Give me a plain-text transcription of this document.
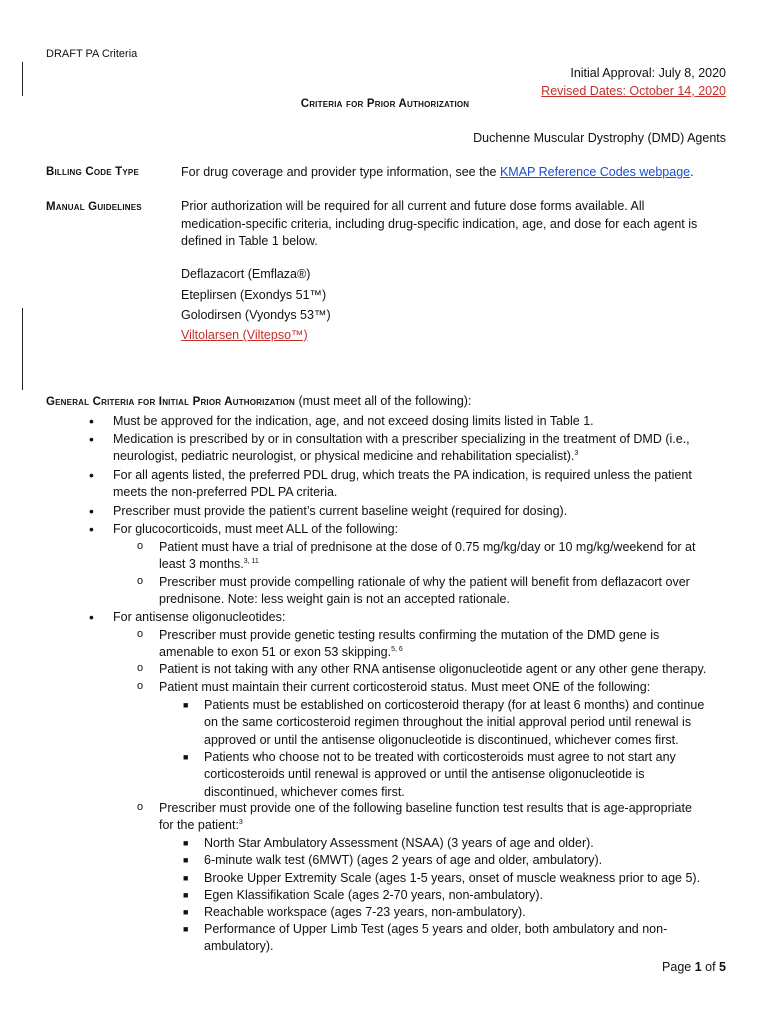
DRAFT PA Criteria
Initial Approval: July 8, 2020
Revised Dates: October 14, 2020
Criteria for Prior Authorization
Duchenne Muscular Dystrophy (DMD) Agents
Billing Code Type	For drug coverage and provider type information, see the KMAP Reference Codes webpage.
Manual Guidelines	Prior authorization will be required for all current and future dose forms available. All
medication-specific criteria, including drug-specific indication, age, and dose for each agent is
defined in Table 1 below.
Deflazacort (Emflaza®)
Eteplirsen (Exondys 51™)
Golodirsen (Vyondys 53™)
Viltolarsen (Viltepso™)
General Criteria for Initial Prior Authorization (must meet all of the following):
• Must be approved for the indication, age, and not exceed dosing limits listed in Table 1.
• Medication is prescribed by or in consultation with a prescriber specializing in the treatment of DMD (i.e.,
neurologist, pediatric neurologist, or physical medicine and rehabilitation specialist).$^3$
• For all agents listed, the preferred PDL drug, which treats the PA indication, is required unless the patient
meets the non-preferred PDL PA criteria.
• Prescriber must provide the patient’s current baseline weight (required for dosing).
• For glucocorticoids, must meet ALL of the following:
o Patient must have a trial of prednisone at the dose of 0.75 mg/kg/day or 10 mg/kg/weekend for at
least 3 months.$^{3, 11}$
o Prescriber must provide compelling rationale of why the patient will benefit from deflazacort over
prednisone. Note: less weight gain is not an accepted rationale.
• For antisense oligonucleotides:
o Prescriber must provide genetic testing results confirming the mutation of the DMD gene is
amenable to exon 51 or exon 53 skipping.$^{5, 6}$
o Patient is not taking with any other RNA antisense oligonucleotide agent or any other gene therapy.
o Patient must maintain their current corticosteroid status. Must meet ONE of the following:
■ Patients must be established on corticosteroid therapy (for at least 6 months) and continue
on the same corticosteroid regimen throughout the initial approval period until renewal is
approved or until the antisense oligonucleotide is discontinued, whichever comes first.
■ Patients who choose not to be treated with corticosteroids must agree to not start any
corticosteroids until renewal is approved or until the antisense oligonucleotide is
discontinued, whichever comes first.
o Prescriber must provide one of the following baseline function test results that is age-appropriate
for the patient:$^3$
■ North Star Ambulatory Assessment (NSAA) (3 years of age and older).
■ 6-minute walk test (6MWT) (ages 2 years of age and older, ambulatory).
■ Brooke Upper Extremity Scale (ages 1-5 years, onset of muscle weakness prior to age 5).
■ Egen Klassifikation Scale (ages 2-70 years, non-ambulatory).
■ Reachable workspace (ages 7-23 years, non-ambulatory).
■ Performance of Upper Limb Test (ages 5 years and older, both ambulatory and non-
ambulatory).
Page 1 of 5
